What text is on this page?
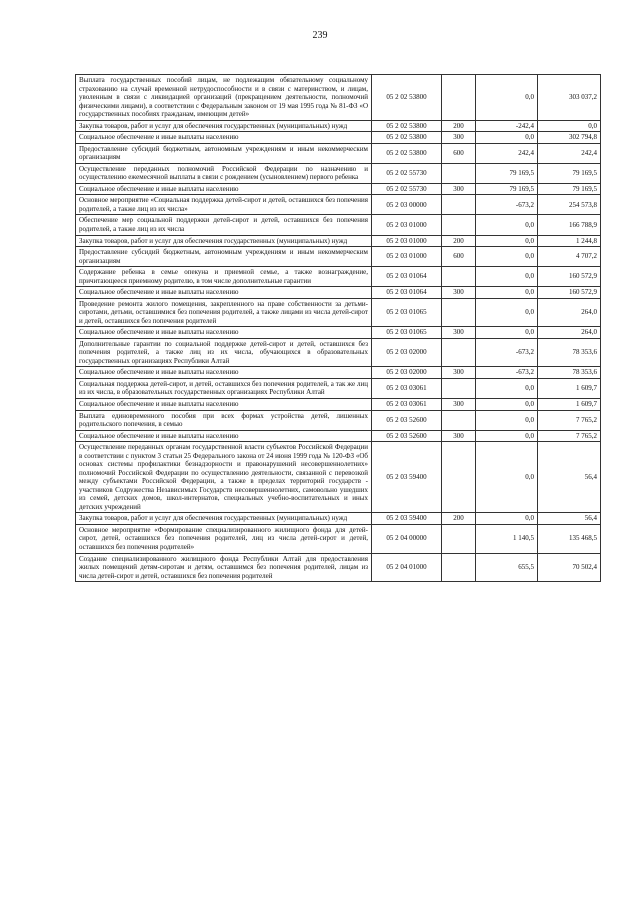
239
Выплата государственных пособий лицам, не подлежащим обязательному социальному страхованию на случай временной нетрудоспособности и в связи с материнством, и лицам, уволенным в связи с ликвидацией организаций (прекращением деятельности, полномочий физическими лицами), в соответствии с Федеральным законом от 19 мая 1995 года № 81-ФЗ «О государственных пособиях гражданам, имеющим детей»	05 2 02 53800		0,0	303 037,2
Закупка товаров, работ и услуг для обеспечения государственных (муниципальных) нужд	05 2 02 53800	200	-242,4	0,0
Социальное обеспечение и иные выплаты населению	05 2 02 53800	300	0,0	302 794,8
Предоставление субсидий бюджетным, автономным учреждениям и иным некоммерческим организациям	05 2 02 53800	600	242,4	242,4
Осуществление переданных полномочий Российской Федерации по назначению и осуществлению ежемесячной выплаты в связи с рождением (усыновлением) первого ребенка	05 2 02 55730		79 169,5	79 169,5
Социальное обеспечение и иные выплаты населению	05 2 02 55730	300	79 169,5	79 169,5
Основное мероприятие «Социальная поддержка детей-сирот и детей, оставшихся без попечения родителей, а также лиц из их числа»	05 2 03 00000		-673,2	254 573,8
Обеспечение мер социальной поддержки детей-сирот и детей, оставшихся без попечения родителей, а также лиц из их числа	05 2 03 01000		0,0	166 788,9
Закупка товаров, работ и услуг для обеспечения государственных (муниципальных) нужд	05 2 03 01000	200	0,0	1 244,8
Предоставление субсидий бюджетным, автономным учреждениям и иным некоммерческим организациям	05 2 03 01000	600	0,0	4 707,2
Содержание ребенка в семье опекуна и приемной семье, а также вознаграждение, причитающееся приемному родителю, в том числе дополнительные гарантии	05 2 03 01064		0,0	160 572,9
Социальное обеспечение и иные выплаты населению	05 2 03 01064	300	0,0	160 572,9
Проведение ремонта жилого помещения, закрепленного на праве собственности за детьми-сиротами, детьми, оставшимися без попечения родителей, а также лицами из числа детей-сирот и детей, оставшихся без попечения родителей	05 2 03 01065		0,0	264,0
Социальное обеспечение и иные выплаты населению	05 2 03 01065	300	0,0	264,0
Дополнительные гарантии по социальной поддержке детей-сирот и детей, оставшихся без попечения родителей, а также лиц из их числа, обучающихся в образовательных государственных организациях Республики Алтай	05 2 03 02000		-673,2	78 353,6
Социальное обеспечение и иные выплаты населению	05 2 03 02000	300	-673,2	78 353,6
Социальная поддержка детей-сирот, и детей, оставшихся без попечения родителей, а так же лиц из их числа, в образовательных государственных организациях Республики Алтай	05 2 03 03061		0,0	1 609,7
Социальное обеспечение и иные выплаты населению	05 2 03 03061	300	0,0	1 609,7
Выплата единовременного пособия при всех формах устройства детей, лишенных родительского попечения, в семью	05 2 03 52600		0,0	7 765,2
Социальное обеспечение и иные выплаты населению	05 2 03 52600	300	0,0	7 765,2
Осуществление переданных органам государственной власти субъектов Российской Федерации в соответствии с пунктом 3 статьи 25 Федерального закона от 24 июня 1999 года № 120-ФЗ «Об основах системы профилактики безнадзорности и правонарушений несовершеннолетних» полномочий Российской Федерации по осуществлению деятельности, связанной с перевозкой между субъектами Российской Федерации, а также в пределах территорий государств - участников Содружества Независимых Государств несовершеннолетних, самовольно ушедших из семей, детских домов, школ-интернатов, специальных учебно-воспитательных и иных детских учреждений	05 2 03 59400		0,0	56,4
Закупка товаров, работ и услуг для обеспечения государственных (муниципальных) нужд	05 2 03 59400	200	0,0	56,4
Основное мероприятие «Формирование специализированного жилищного фонда для детей-сирот, детей, оставшихся без попечения родителей, лиц из числа детей-сирот и детей, оставшихся без попечения родителей»	05 2 04 00000		1 140,5	135 468,5
Создание специализированного жилищного фонда Республики Алтай для предоставления жилых помещений детям-сиротам и детям, оставшимся без попечения родителей, лицам из числа детей-сирот и детей, оставшихся без попечения родителей	05 2 04 01000		655,5	70 502,4
